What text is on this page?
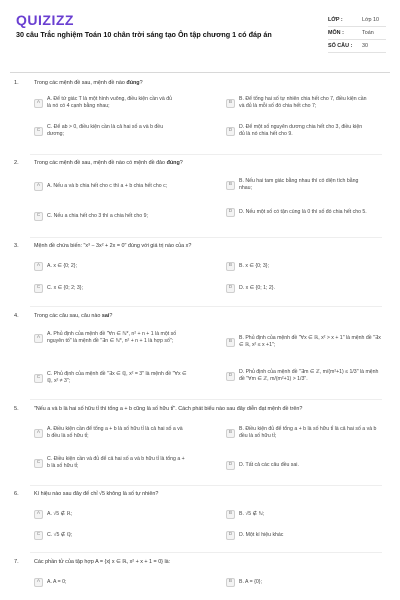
QUIZIZZ
30 câu Trắc nghiệm Toán 10 chân trời sáng tạo Ôn tập chương 1 có đáp án
LỚP :	Lớp 10
MÔN :	Toán
SỐ CÂU :	30
1.	Trong các mệnh đề sau, mệnh đề nào đúng?
A
A. Để tứ giác T là một hình vuông, điều kiện cần và đủ là nó có 4 cạnh bằng nhau;
B
B. Để tổng hai số tự nhiên chia hết cho 7, điều kiện cần và đủ là mỗi số đó chia hết cho 7;
C
C. Để ab > 0, điều kiện cần là cả hai số a và b đều dương;
D
D. Để một số nguyên dương chia hết cho 3, điều kiện đủ là nó chia hết cho 9.
2.	Trong các mệnh đề sau, mệnh đề nào có mệnh đề đảo đúng?
A	A. Nếu a và b chia hết cho c thì a + b chia hết cho c;	B
B. Nếu hai tam giác bằng nhau thì có diện tích bằng nhau;
C	C. Nếu a chia hết cho 3 thì a chia hết cho 9;
D	D. Nếu một số có tận cùng là 0 thì số đó chia hết cho 5.
3.	Mệnh đề chứa biến: "x³ − 3x² + 2x = 0" đúng với giá trị nào của x?
A	A. x ∈ {0; 2};	B	B. x ∈ {0; 3};
C	C. x ∈ {0; 2; 3};	D	D. x ∈ {0; 1; 2}.
4.	Trong các câu sau, câu nào sai?
A
A. Phủ định của mệnh đề "∀n ∈ ℕ*, n² + n + 1 là một số nguyên tố" là mệnh đề "∃n ∈ ℕ*, n² + n + 1 là hợp số";	B
B. Phủ định của mệnh đề "∀x ∈ ℝ, x² > x + 1" là mệnh đề "∃x ∈ ℝ, x² ≤ x +1";
C
C. Phủ định của mệnh đề "∃x ∈ ℚ, x² = 3" là mệnh đề "∀x ∈ ℚ, x² ≠ 3";
D
D. Phủ định của mệnh đề "∃m ∈ ℤ, m/(m²+1) ≤ 1/3" là mệnh đề "∀m ∈ ℤ, m/(m²+1) > 1/3".
5.	"Nếu a và b là hai số hữu tỉ thì tổng a + b cũng là số hữu tỉ". Cách phát biểu nào sau đây diễn đạt mệnh đề trên?
A
A. Điều kiện cần để tổng a + b là số hữu tỉ là cả hai số a và b đều là số hữu tỉ;
B
B. Điều kiện đủ để tổng a + b là số hữu tỉ là cả hai số a và b đều là số hữu tỉ;
C
C. Điều kiện cần và đủ để cả hai số a và b hữu tỉ là tổng a + b là số hữu tỉ;	D	D. Tất cả các câu đều sai.
6.	Kí hiệu nào sau đây để chỉ √5 không là số tự nhiên?
A	A. √5 ∉ ℝ;	B	B. √5 ∉ ℕ;
C	C. √5 ∉ ℚ;	D	D. Một kí hiệu khác
7.	Các phần tử của tập hợp A = {x| x ∈ ℝ, x² + x + 1 = 0} là:
A	A. A = 0;	B	B. A = {0};
